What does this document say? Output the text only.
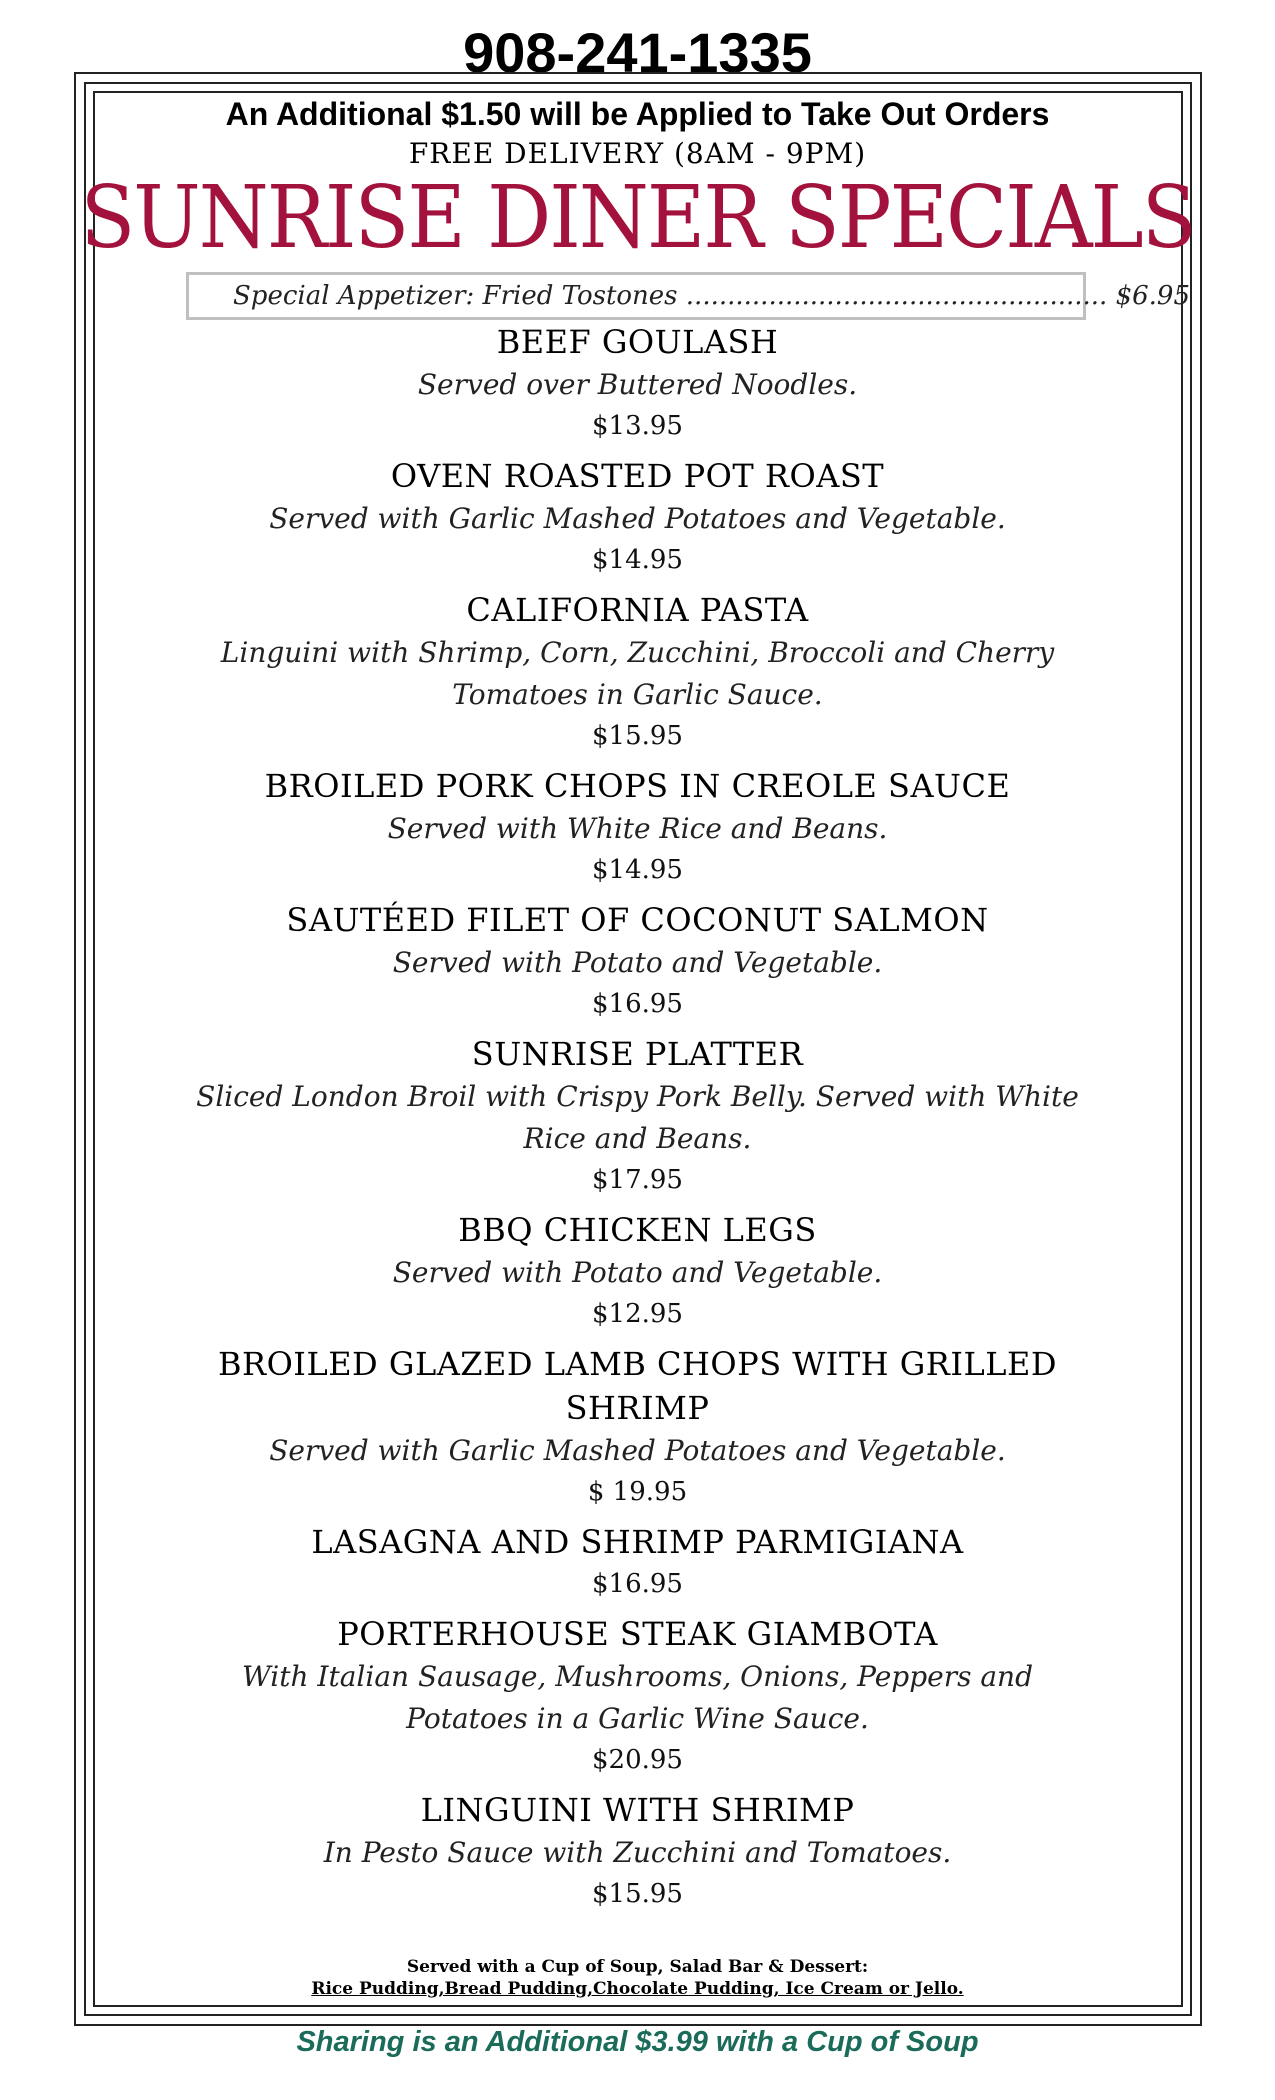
908-241-1335
An Additional $1.50 will be Applied to Take Out Orders
FREE DELIVERY (8AM - 9PM)
SUNRISE DINER SPECIALS
Special Appetizer: Fried Tostones ................................................... $6.95
BEEF GOULASH
Served over Buttered Noodles.
$13.95
OVEN ROASTED POT ROAST
Served with Garlic Mashed Potatoes and Vegetable.
$14.95
CALIFORNIA PASTA
Linguini with Shrimp, Corn, Zucchini, Broccoli and Cherry Tomatoes in Garlic Sauce.
$15.95
BROILED PORK CHOPS IN CREOLE SAUCE
Served with White Rice and Beans.
$14.95
SAUTÉED FILET OF COCONUT SALMON
Served with Potato and Vegetable.
$16.95
SUNRISE PLATTER
Sliced London Broil with Crispy Pork Belly. Served with White Rice and Beans.
$17.95
BBQ CHICKEN LEGS
Served with Potato and Vegetable.
$12.95
BROILED GLAZED LAMB CHOPS WITH GRILLED SHRIMP
Served with Garlic Mashed Potatoes and Vegetable.
$ 19.95
LASAGNA AND SHRIMP PARMIGIANA
$16.95
PORTERHOUSE STEAK GIAMBOTA
With Italian Sausage, Mushrooms, Onions, Peppers and Potatoes in a Garlic Wine Sauce.
$20.95
LINGUINI WITH SHRIMP
In Pesto Sauce with Zucchini and Tomatoes.
$15.95
Served with a Cup of Soup, Salad Bar & Dessert:
Rice Pudding,Bread Pudding,Chocolate Pudding, Ice Cream or Jello.
Sharing is an Additional $3.99 with a Cup of Soup
